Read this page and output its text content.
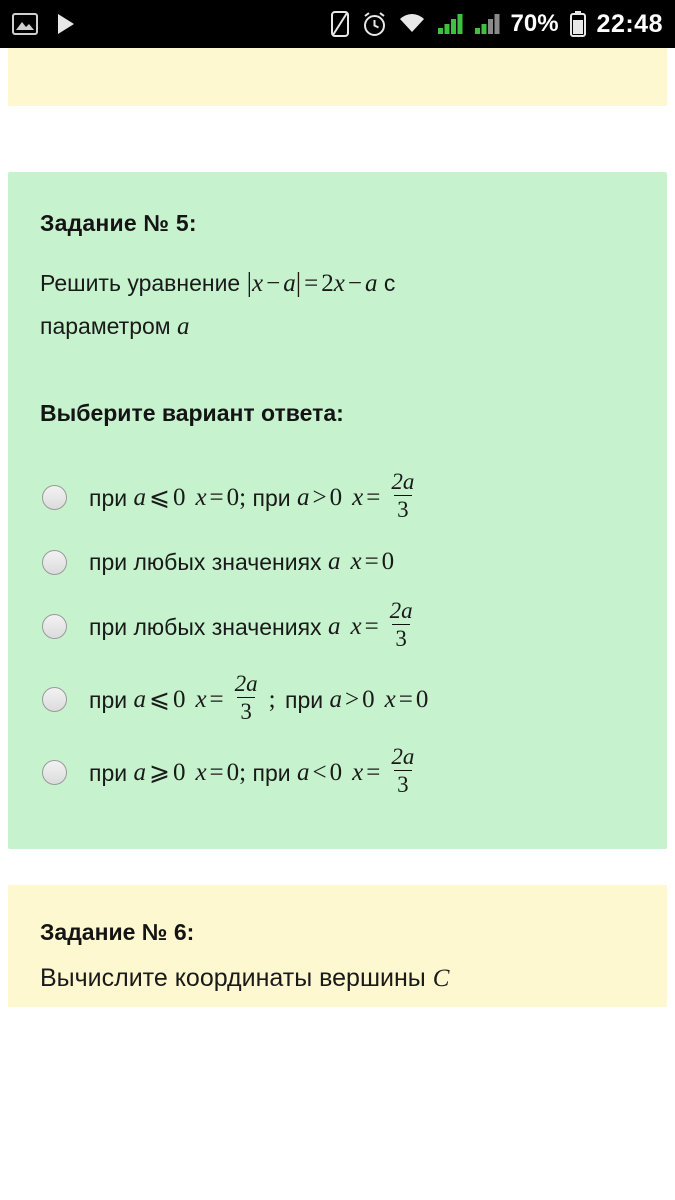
70% 22:48
Задание № 5:
Решить уравнение |x − a| = 2x − a с
параметром a
Выберите вариант ответа:
при a ⩽ 0 x = 0; при a > 0 $x = \frac{2a}{3}$
при любых значениях a x = 0
при любых значениях a $x = \frac{2a}{3}$
при a ⩽ 0 $x = \frac{2a}{3}$ ; при a > 0 x = 0
при a ⩾ 0 x = 0; при a < 0 $x = \frac{2a}{3}$
Задание № 6:
Вычислите координаты вершины C
